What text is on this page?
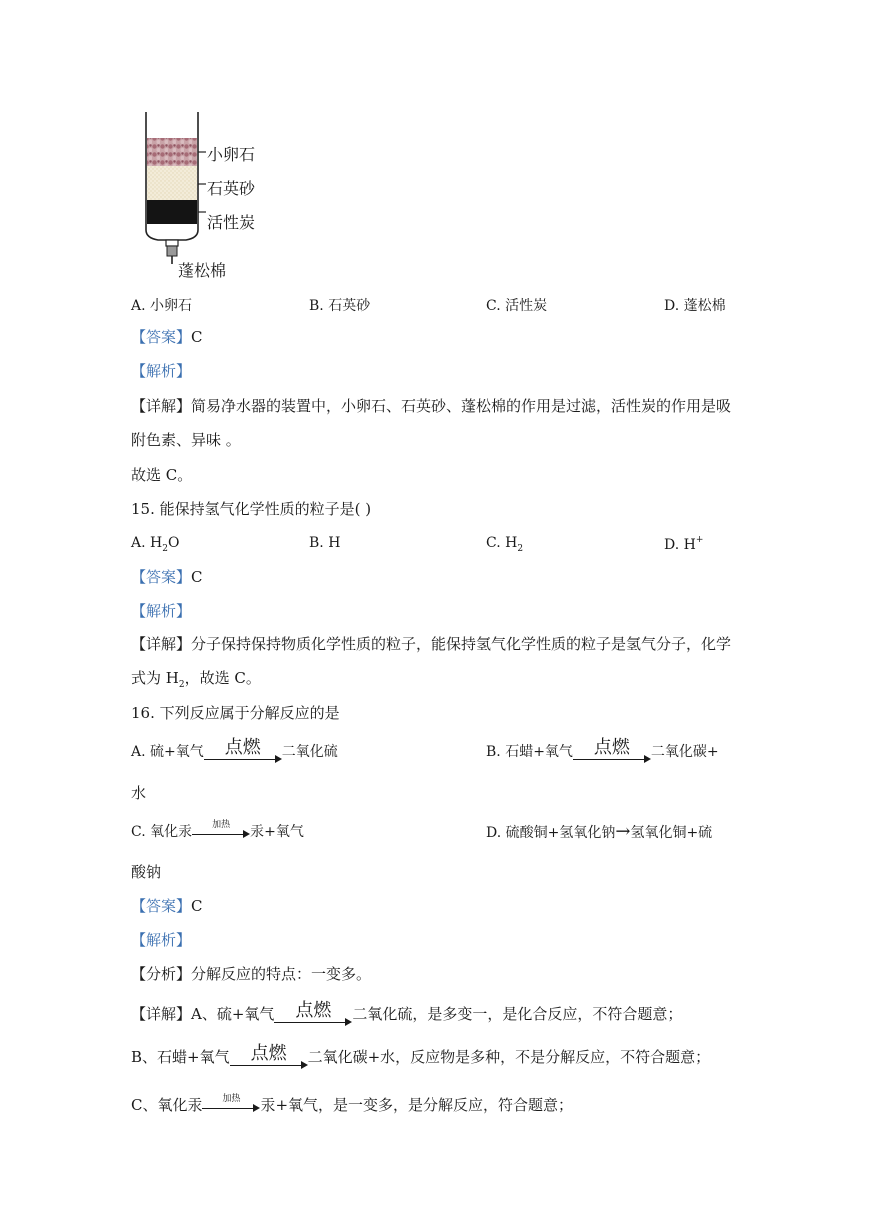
小卵石
石英砂
活性炭
蓬松棉
A. 小卵石	B. 石英砂	C. 活性炭	D. 蓬松棉
【答案】C
【解析】
【详解】简易净水器的装置中，小卵石、石英砂、蓬松棉的作用是过滤，活性炭的作用是吸
附色素、异味 。
故选 C。
15. 能保持氢气化学性质的粒子是( )
A. $H_2O$	B. H	C. $H_2$	D. H+
【答案】C
【解析】
【详解】分子保持保持物质化学性质的粒子，能保持氢气化学性质的粒子是氢气分子，化学
式为 $H_2$，故选 C。
16. 下列反应属于分解反应的是
A. 硫+氧气	点燃	二氧化硫	B. 石蜡+氧气	点燃	二氧化碳+
水
C. 氧化汞	加热	汞+氧气	D. 硫酸铜+氢氧化钠→氢氧化铜+硫
酸钠
【答案】C
【解析】
【分析】分解反应的特点：一变多。
【详解】A、硫+氧气	点燃	二氧化硫，是多变一，是化合反应，不符合题意；
B、石蜡+氧气	点燃	二氧化碳+水，反应物是多种，不是分解反应，不符合题意；
C、氧化汞	加热	汞+氧气，是一变多，是分解反应，符合题意；
